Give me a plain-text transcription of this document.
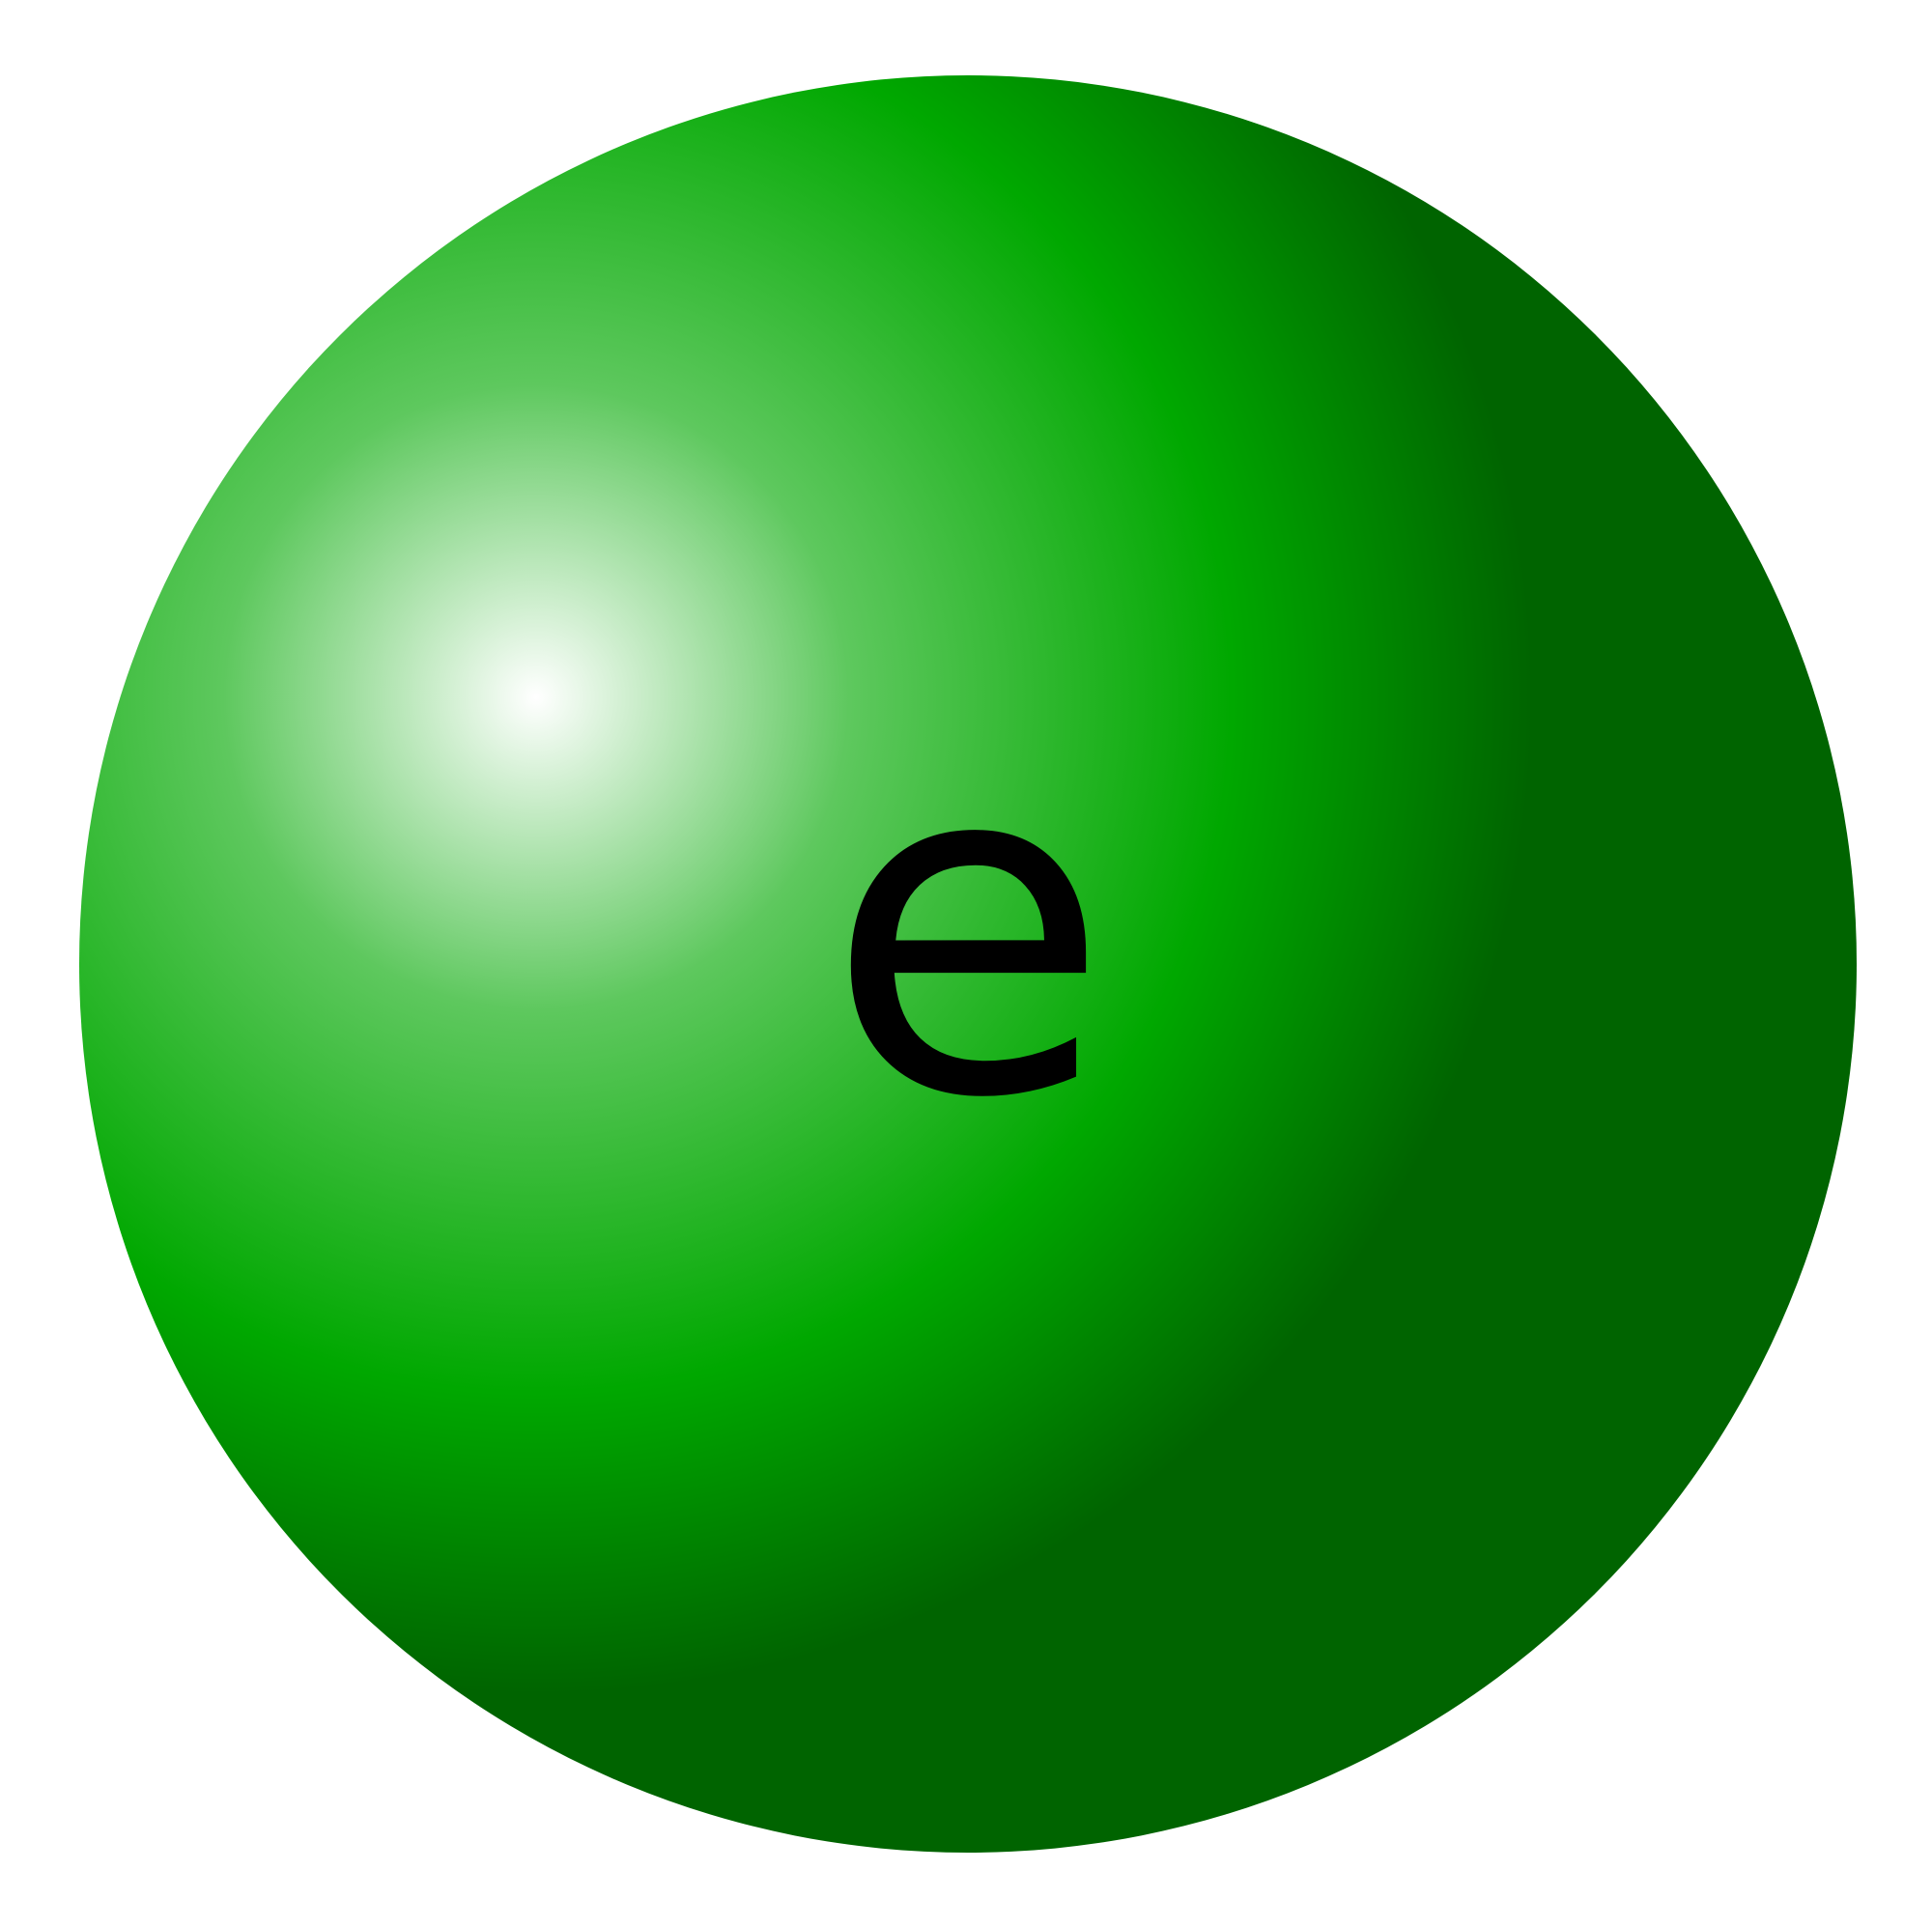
e
